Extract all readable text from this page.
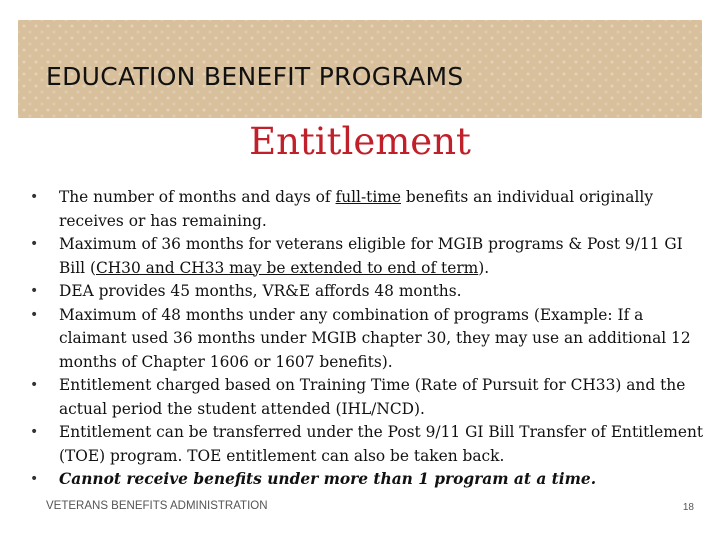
EDUCATION BENEFIT PROGRAMS
Entitlement
• The number of months and days of full-time benefits an individual originally receives or has remaining.
• Maximum of 36 months for veterans eligible for MGIB programs & Post 9/11 GI Bill (CH30 and CH33 may be extended to end of term).
• DEA provides 45 months, VR&E affords 48 months.
• Maximum of 48 months under any combination of programs (Example: If a claimant used 36 months under MGIB chapter 30, they may use an additional 12 months of Chapter 1606 or 1607 benefits).
• Entitlement charged based on Training Time (Rate of Pursuit for CH33) and the actual period the student attended (IHL/NCD).
• Entitlement can be transferred under the Post 9/11 GI Bill Transfer of Entitlement (TOE) program. TOE entitlement can also be taken back.
• Cannot receive benefits under more than 1 program at a time.
VETERANS BENEFITS ADMINISTRATION	18
